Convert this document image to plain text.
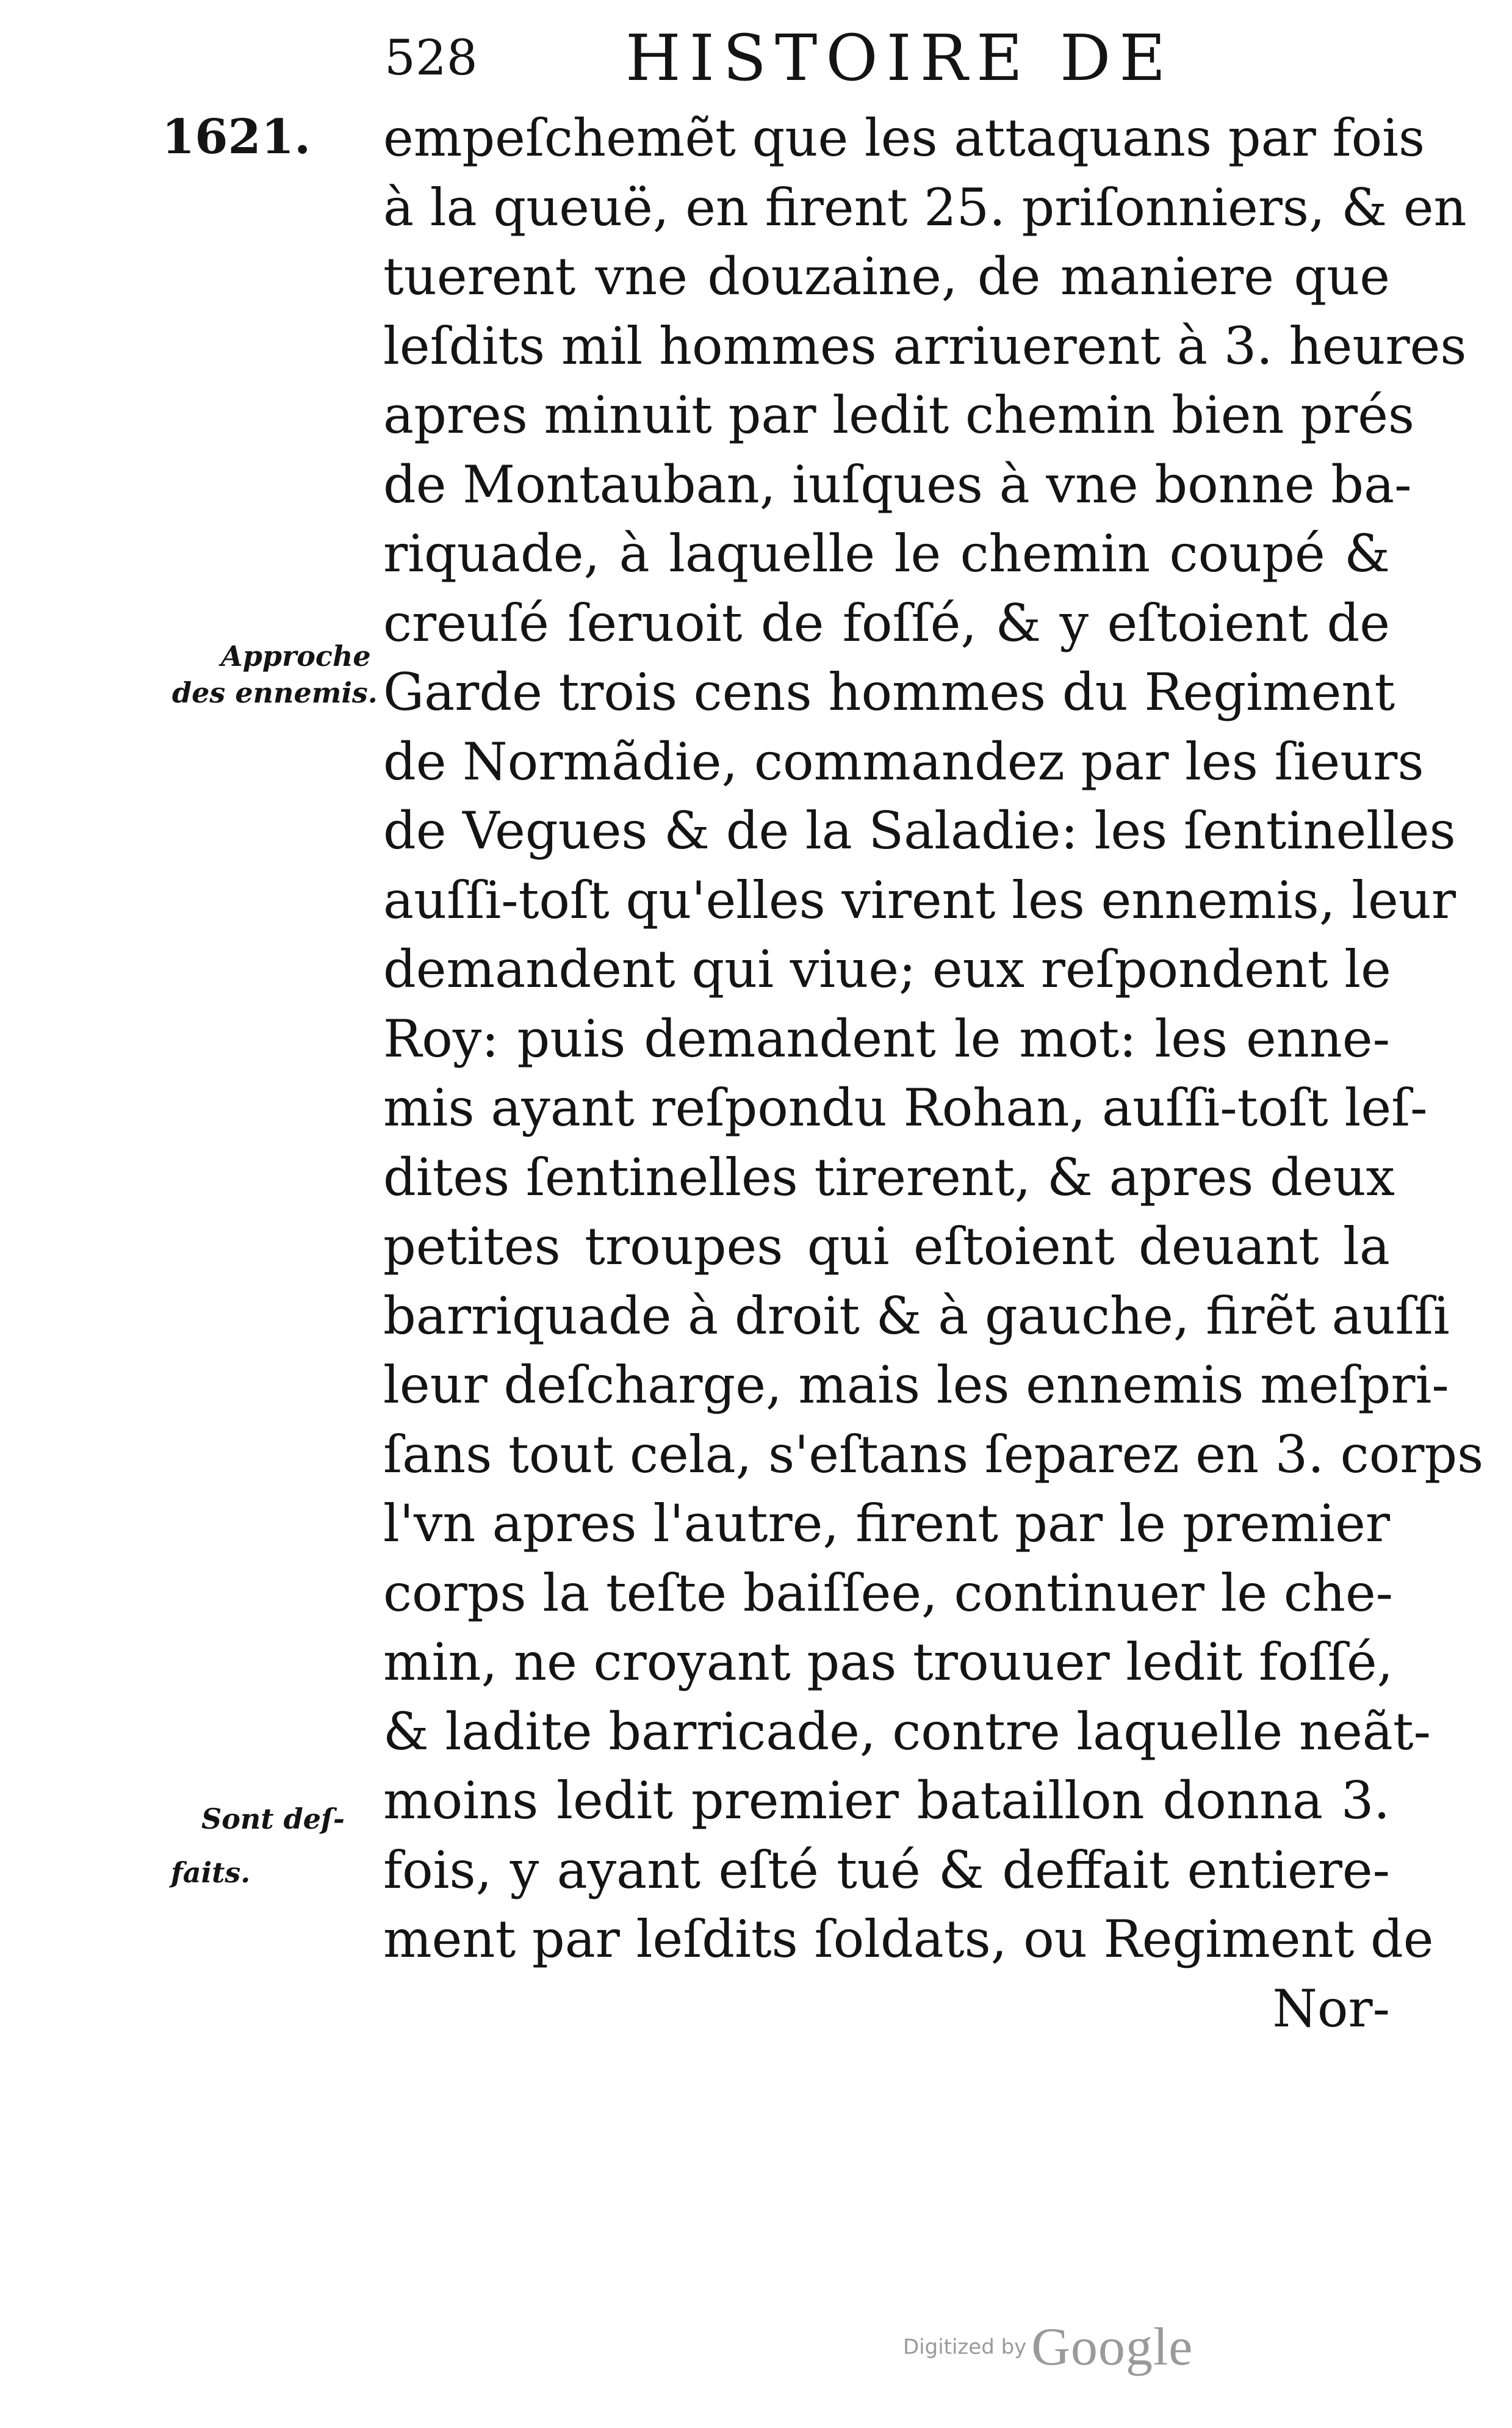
528 HISTOIRE DE
1621. empeſchemẽt que les attaquans par fois
à la queuë, en firent 25. priſonniers, & en
tuerent vne douzaine, de maniere que
leſdits mil hommes arriuerent à 3. heures
apres minuit par ledit chemin bien prés
de Montauban, iuſques à vne bonne ba-
riquade, à laquelle le chemin coupé &
creuſé ſeruoit de foſſé, & y eſtoient de
Garde trois cens hommes du Regiment
de Normãdie, commandez par les ſieurs
de Vegues & de la Saladie: les ſentinelles
auſſi-toſt qu'elles virent les ennemis, leur
demandent qui viue; eux reſpondent le
Roy: puis demandent le mot: les enne-
mis ayant reſpondu Rohan, auſſi-toſt leſ-
dites ſentinelles tirerent, & apres deux
petites troupes qui eſtoient deuant la
barriquade à droit & à gauche, firẽt auſſi
leur deſcharge, mais les ennemis meſpri-
ſans tout cela, s'eſtans ſeparez en 3. corps
l'vn apres l'autre, firent par le premier
corps la teſte baiſſee, continuer le che-
min, ne croyant pas trouuer ledit foſſé,
& ladite barricade, contre laquelle neãt-
moins ledit premier bataillon donna 3.
fois, y ayant eſté tué & deffait entiere-
ment par leſdits ſoldats, ou Regiment de
Nor-
Approche
des ennemis.
Sont deſ-
faits.
Digitized byGoogle
